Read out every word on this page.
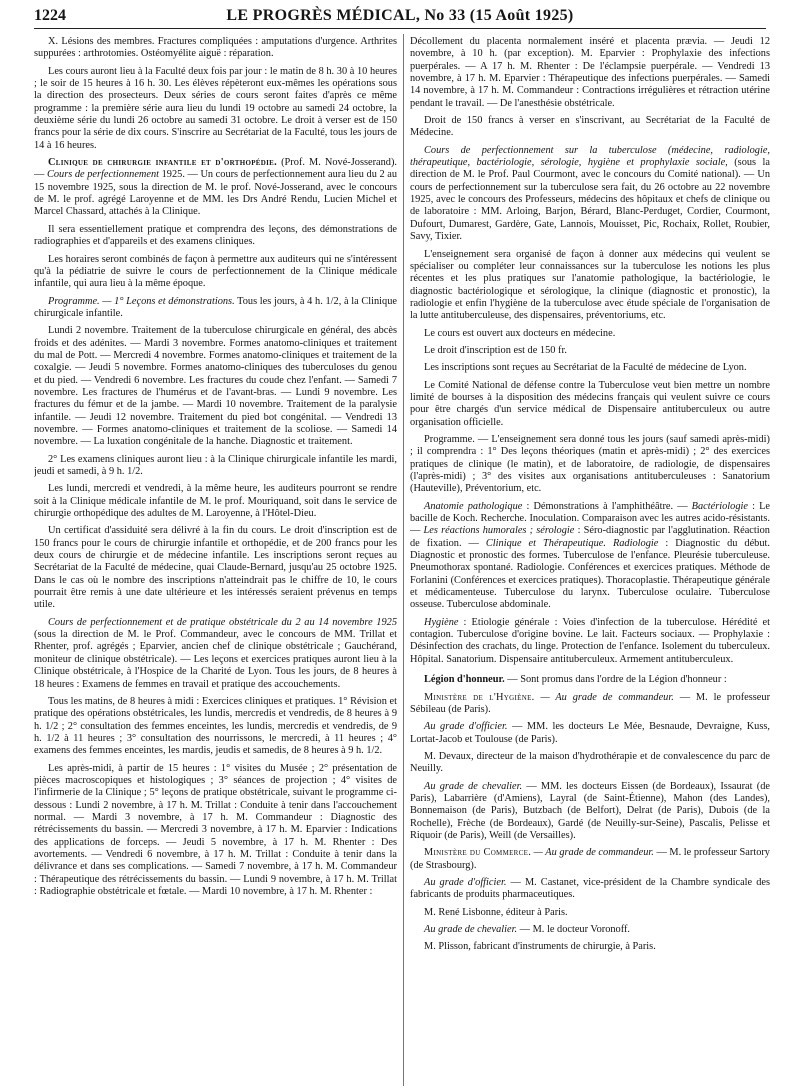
1224	LE PROGRÈS MÉDICAL, No 33 (15 Août 1925)

X. Lésions des membres. Fractures compliquées : amputations d'urgence. Arthrites suppurées : arthrotomies. Ostéomyélite aiguë : réparation.

Les cours auront lieu à la Faculté deux fois par jour : le matin de 8 h. 30 à 10 heures ; le soir de 15 heures à 16 h. 30. Les élèves répèteront eux-mêmes les opérations sous la direction des prosecteurs. Deux séries de cours seront faites d'après ce même programme : la première série aura lieu du lundi 19 octobre au samedi 24 octobre, la deuxième série du lundi 26 octobre au samedi 31 octobre. Le droit à verser est de 150 francs pour la série de dix cours. S'inscrire au Secrétariat de la Faculté, tous les jours de 14 à 16 heures.

Clinique de chirurgie infantile et d'orthopédie. (Prof. M. Nové-Josserand). — Cours de perfectionnement 1925. — Un cours de perfectionnement aura lieu du 2 au 15 novembre 1925, sous la direction de M. le prof. Nové-Josserand, avec le concours de M. le prof. agrégé Laroyenne et de MM. les Drs André Rendu, Lucien Michel et Marcel Chassard, attachés à la Clinique.

Il sera essentiellement pratique et comprendra des leçons, des démonstrations de radiographies et d'appareils et des examens cliniques.

Les horaires seront combinés de façon à permettre aux auditeurs qui ne s'intéressent qu'à la pédiatrie de suivre le cours de perfectionnement de la Clinique médicale infantile, qui aura lieu à la même époque.

Programme. — 1° Leçons et démonstrations. Tous les jours, à 4 h. 1/2, à la Clinique chirurgicale infantile.

Lundi 2 novembre. Traitement de la tuberculose chirurgicale en général, des abcès froids et des adénites. — Mardi 3 novembre. Formes anatomo-cliniques et traitement du mal de Pott. — Mercredi 4 novembre. Formes anatomo-cliniques et traitement de la coxalgie. — Jeudi 5 novembre. Formes anatomo-cliniques des tuberculoses du genou et du pied. — Vendredi 6 novembre. Les fractures du coude chez l'enfant. — Samedi 7 novembre. Les fractures de l'humérus et de l'avant-bras. — Lundi 9 novembre. Les fractures du fémur et de la jambe. — Mardi 10 novembre. Traitement de la paralysie infantile. — Jeudi 12 novembre. Traitement du pied bot congénital. — Vendredi 13 novembre. — Formes anatomo-cliniques et traitement de la scoliose. — Samedi 14 novembre. — La luxation congénitale de la hanche. Diagnostic et traitement.

2° Les examens cliniques auront lieu : à la Clinique chirurgicale infantile les mardi, jeudi et samedi, à 9 h. 1/2.

Les lundi, mercredi et vendredi, à la même heure, les auditeurs pourront se rendre soit à la Clinique médicale infantile de M. le prof. Mouriquand, soit dans le service de chirurgie orthopédique des adultes de M. Laroyenne, à l'Hôtel-Dieu.

Un certificat d'assiduité sera délivré à la fin du cours. Le droit d'inscription est de 150 francs pour le cours de chirurgie infantile et orthopédie, et de 200 francs pour les deux cours de chirurgie et de médecine infantile. Les inscriptions seront reçues au Secrétariat de la Faculté de médecine, quai Claude-Bernard, jusqu'au 25 octobre 1925. Dans le cas où le nombre des inscriptions n'atteindrait pas le chiffre de 10, le cours pourrait être remis à une date ultérieure et les intéressés seraient prévenus en temps utile.

Cours de perfectionnement et de pratique obstétricale du 2 au 14 novembre 1925 (sous la direction de M. le Prof. Commandeur, avec le concours de MM. Trillat et Rhenter, prof. agrégés ; Eparvier, ancien chef de clinique obstétricale ; Gauchérand, moniteur de clinique obstétricale). — Les leçons et exercices pratiques auront lieu à la Clinique obstétricale, à l'Hospice de la Charité de Lyon. Tous les jours, de 8 heures à 18 heures : Examens de femmes en travail et pratique des accouchements.

Tous les matins, de 8 heures à midi : Exercices cliniques et pratiques. 1° Révision et pratique des opérations obstétricales, les lundis, mercredis et vendredis, de 8 heures à 9 h. 1/2 ; 2° consultation des femmes enceintes, les lundis, mercredis et vendredis, de 9 h. 1/2 à 11 heures ; 3° consultation des nourrissons, le mercredi, à 11 heures ; 4° examens des femmes enceintes, les mardis, jeudis et samedis, de 8 heures à 9 h. 1/2.

Les après-midi, à partir de 15 heures : 1° visites du Musée ; 2° présentation de pièces macroscopiques et histologiques ; 3° séances de projection ; 4° visites de l'infirmerie de la Clinique ; 5° leçons de pratique obstétricale, suivant le programme ci-dessous : Lundi 2 novembre, à 17 h. M. Trillat : Conduite à tenir dans l'accouchement normal. — Mardi 3 novembre, à 17 h. M. Commandeur : Diagnostic des rétrécissements du bassin. — Mercredi 3 novembre, à 17 h. M. Eparvier : Indications des applications de forceps. — Jeudi 5 novembre, à 17 h. M. Rhenter : Des avortements. — Vendredi 6 novembre, à 17 h. M. Trillat : Conduite à tenir dans la délivrance et dans ses complications. — Samedi 7 novembre, à 17 h. M. Commandeur : Thérapeutique des rétrécissements du bassin. — Lundi 9 novembre, à 17 h. M. Trillat : Radiographie obstétricale et fœtale. — Mardi 10 novembre, à 17 h. M. Rhenter :

Décollement du placenta normalement inséré et placenta prævia. — Jeudi 12 novembre, à 10 h. (par exception). M. Eparvier : Prophylaxie des infections puerpérales. — A 17 h. M. Rhenter : De l'éclampsie puerpérale. — Vendredi 13 novembre, à 17 h. M. Eparvier : Thérapeutique des infections puerpérales. — Samedi 14 novembre, à 17 h. M. Commandeur : Contractions irrégulières et rétraction utérine pendant le travail. — De l'anesthésie obstétricale.

Droit de 150 francs à verser en s'inscrivant, au Secrétariat de la Faculté de Médecine.

Cours de perfectionnement sur la tuberculose (médecine, radiologie, thérapeutique, bactériologie, sérologie, hygiène et prophylaxie sociale, (sous la direction de M. le Prof. Paul Courmont, avec le concours du Comité national). — Un cours de perfectionnement sur la tuberculose sera fait, du 26 octobre au 22 novembre 1925, avec le concours des Professeurs, médecins des hôpitaux et chefs de clinique ou de laboratoire : MM. Arloing, Barjon, Bérard, Blanc-Perduget, Cordier, Courmont, Dufourt, Dumarest, Gardère, Gate, Lannois, Mouisset, Pic, Rochaix, Rollet, Roubier, Savy, Tixier.

L'enseignement sera organisé de façon à donner aux médecins qui veulent se spécialiser ou compléter leur connaissances sur la tuberculose les notions les plus récentes et les plus pratiques sur l'anatomie pathologique, la bactériologie, le diagnostic bactériologique et sérologique, la clinique (diagnostic et pronostic), la radiologie et enfin l'hygiène de la tuberculose avec étude spéciale de l'organisation de la lutte antituberculeuse, des dispensaires, préventoriums, etc.

Le cours est ouvert aux docteurs en médecine.

Le droit d'inscription est de 150 fr.

Les inscriptions sont reçues au Secrétariat de la Faculté de médecine de Lyon.

Le Comité National de défense contre la Tuberculose veut bien mettre un nombre limité de bourses à la disposition des médecins français qui veulent suivre ce cours pour être chargés d'un service médical de Dispensaire antituberculeux ou autre organisation officielle.

Programme. — L'enseignement sera donné tous les jours (sauf samedi après-midi) ; il comprendra : 1° Des leçons théoriques (matin et après-midi) ; 2° des exercices pratiques de clinique (le matin), et de laboratoire, de radiologie, de dispensaires (l'après-midi) ; 3° des visites aux organisations antituberculeuses : Sanatorium (Hauteville), Préventorium, etc.

Anatomie pathologique : Démonstrations à l'amphithéâtre. — Bactériologie : Le bacille de Koch. Recherche. Inoculation. Comparaison avec les autres acido-résistants. — Les réactions humorales ; sérologie : Séro-diagnostic par l'agglutination. Réaction de fixation. — Clinique et Thérapeutique. Radiologie : Diagnostic du début. Diagnostic et pronostic des formes. Tuberculose de l'enfance. Pleurésie tuberculeuse. Pneumothorax spontané. Radiologie. Conférences et exercices pratiques. Méthode de Forlanini (Conférences et exercices pratiques). Thoracoplastie. Thérapeutique générale et médicamenteuse. Tuberculose du larynx. Tuberculose oculaire. Tuberculose osseuse. Tuberculose abdominale.

Hygiène : Etiologie générale : Voies d'infection de la tuberculose. Hérédité et contagion. Tuberculose d'origine bovine. Le lait. Facteurs sociaux. — Prophylaxie : Désinfection des crachats, du linge. Protection de l'enfance. Isolement du tuberculeux. Hôpital. Sanatorium. Dispensaire antituberculeux. Armement antituberculeux.

Légion d'honneur. — Sont promus dans l'ordre de la Légion d'honneur :

Ministère de l'Hygiène. — Au grade de commandeur. — M. le professeur Sébileau (de Paris).

Au grade d'officier. — MM. les docteurs Le Mée, Besnaude, Devraigne, Kuss, Lortat-Jacob et Toulouse (de Paris).

M. Devaux, directeur de la maison d'hydrothérapie et de convalescence du parc de Neuilly.

Au grade de chevalier. — MM. les docteurs Eissen (de Bordeaux), Issaurat (de Paris), Labarrière (d'Amiens), Layral (de Saint-Étienne), Mahon (des Landes), Bonnemaison (de Paris), Butzbach (de Belfort), Delrat (de Paris), Dubois (de la Rochelle), Frèche (de Bordeaux), Gardé (de Neuilly-sur-Seine), Pascalis, Pelisse et Riquoir (de Paris), Weill (de Versailles).

Ministère du Commerce. — Au grade de commandeur. — M. le professeur Sartory (de Strasbourg).

Au grade d'officier. — M. Castanet, vice-président de la Chambre syndicale des fabricants de produits pharmaceutiques.

M. René Lisbonne, éditeur à Paris.

Au grade de chevalier. — M. le docteur Voronoff.

M. Plisson, fabricant d'instruments de chirurgie, à Paris.
